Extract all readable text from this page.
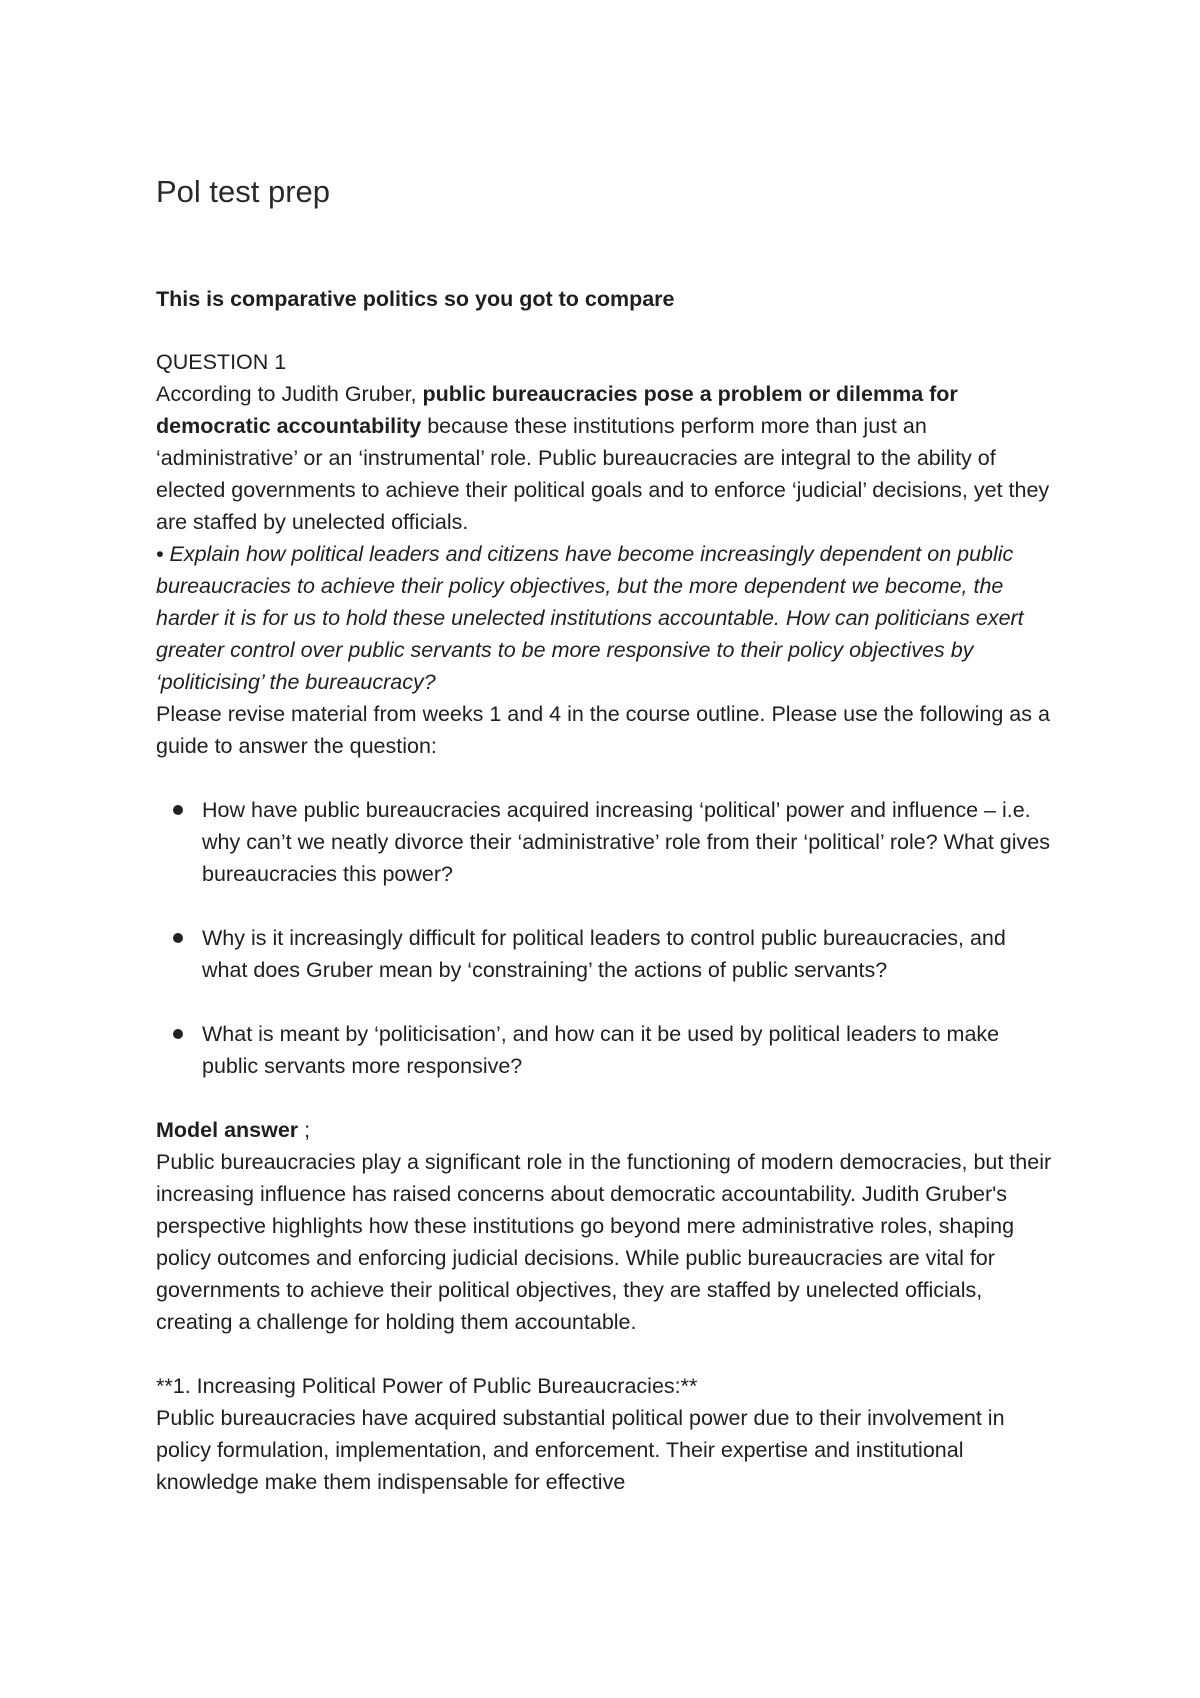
Pol test prep

This is comparative politics so you got to compare

QUESTION 1

According to Judith Gruber, public bureaucracies pose a problem or dilemma for democratic accountability because these institutions perform more than just an ‘administrative’ or an ‘instrumental’ role. Public bureaucracies are integral to the ability of elected governments to achieve their political goals and to enforce ‘judicial’ decisions, yet they are staffed by unelected officials.

• Explain how political leaders and citizens have become increasingly dependent on public bureaucracies to achieve their policy objectives, but the more dependent we become, the harder it is for us to hold these unelected institutions accountable. How can politicians exert greater control over public servants to be more responsive to their policy objectives by ‘politicising’ the bureaucracy?

Please revise material from weeks 1 and 4 in the course outline. Please use the following as a guide to answer the question:

How have public bureaucracies acquired increasing ‘political’ power and influence – i.e. why can’t we neatly divorce their ‘administrative’ role from their ‘political’ role? What gives bureaucracies this power?
Why is it increasingly difficult for political leaders to control public bureaucracies, and what does Gruber mean by ‘constraining’ the actions of public servants?
What is meant by ‘politicisation’, and how can it be used by political leaders to make public servants more responsive?

Model answer ;

Public bureaucracies play a significant role in the functioning of modern democracies, but their increasing influence has raised concerns about democratic accountability. Judith Gruber's perspective highlights how these institutions go beyond mere administrative roles, shaping policy outcomes and enforcing judicial decisions. While public bureaucracies are vital for governments to achieve their political objectives, they are staffed by unelected officials, creating a challenge for holding them accountable.

**1. Increasing Political Power of Public Bureaucracies:**

Public bureaucracies have acquired substantial political power due to their involvement in policy formulation, implementation, and enforcement. Their expertise and institutional knowledge make them indispensable for effective
